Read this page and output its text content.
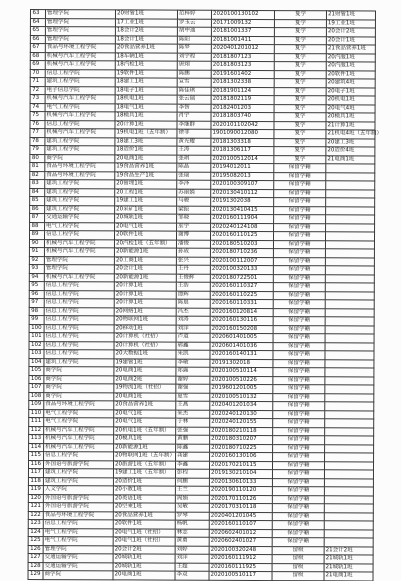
63	管理学院	20财管1班	范梓婷	2020100130102	复学	21财管1班
64	管理学院	17工业1班	罗玉云	20171009132	复学	19工业1班
65	管理学院	18会计2班	胡中迪	20181001337	复学	20会计2班
66	管理学院	18会计1班	陈阳	20181001411	复学	20会计1班
67	食品与环境工程学院	20食品营养1班	陈梦	2020401201012	复学	21食品营养1班
68	机械与汽车工程学院	18车辆1班	刘宇程	20181807123	复学	20汽服1班
69	机械与汽车工程学院	18汽检1班	唐翊	20181803123	复学	20汽服1班
70	信息工程学院	19软件1班	陈鹏	20191601402	复学	20软件1班
71	建筑工程学院	18建工1班	宣雪	20181302338	复学	20建筑4班
72	电子信息学院	18电子1班	陈佳琪	20181901124	复学	20电子1班
73	机械与汽车工程学院	18机电1班	张云瑞	20181802119	复学	20机电1班
74	电气工程学院	18电气1班	李智	20182401203	复学	20电气4班
75	机械与汽车工程学院	18模具1班	肖宇	20181803740	复学	20模具1班
76	信息工程学院	20计算1班	李继群	2020101102042	复学	21计算1班
77	机械与汽车工程学院	19机电1班（五年制）	徐菲	1901090012080	复学	21机电4班（五年制）
78	建筑工程学院	18建工3班	黄光耀	20181303318	复学	20建工3班
79	建筑工程学院	18造价1班	王涛	20181306117	复学	20造价4班
80	商学院	20电商1班	张琪	2020100512014	复学	21电商1班
81	食品与环境工程学院	19食品营养1班	陈晶	20194012011	保留学籍	
82	食品与环境工程学院	19食品生产1班	张瑞	20195082013	保留学籍	
83	建筑工程学院	20管理1班	李泽	2020100309107	保留学籍	
84	建筑工程学院	20工程1班	苏丽娟	2020130410112	保留学籍	
85	建筑工程学院	19建工1班	马骏	20191302038	保留学籍	
86	建筑工程学院	20采矿1班	梁振	2020130410415	保留学籍	
87	交通运输学院	20城轨1班	邹晓	2020160111904	保留学籍	
88	电气工程学院	20电气1班	巫宇	2020240124108	保留学籍	
89	信息工程学院	20软件1班	谢博	2020160110125	保留学籍	
90	机械与汽车工程学院	20汽检1班（五年制）	潘俊	2020180510203	保留学籍	
91	机械与汽车工程学院	20新能源1班	孙成	2020180710236	保留学籍	
92	管理学院	20工商1班	张兴	2020100112007	保留学籍	
93	管理学院	20会计1班	王丹	2020100320133	保留学籍	
94	机械与汽车工程学院	20新能源1班	王俊辉	2020180722501	保留学籍	
95	信息工程学院	20计算1班	王浩	2020160110327	保留学籍	
96	信息工程学院	20计算1班	谭辉	2020160110225	保留学籍	
97	信息工程学院	20计算1班	陈晨	2020160110331	保留学籍	
98	信息工程学院	20网络1班	冯杰	2020160120814	保留学籍	
99	信息工程学院	20物联网1班	刘涛	2020160130116	保留学籍	
100	信息工程学院	20移动1班	刘洋	2020160150208	保留学籍	
101	信息工程学院	20计算机（社招）	卢道	2020601401005	保留学籍	
102	信息工程学院	20计算机（社招）	郭鑫	2020601401036	保留学籍	
103	信息工程学院	20大数据1班	朱凯	2020160140131	保留学籍	
104	建筑工程学院	19建管1班	李敏	20191302018	保留学籍	
105	商学院	20电商1班	郑露	2020100510114	保留学籍	
106	商学院	20电商2班	谢婷	2020100510226	保留学籍	
107	商学院	19物流1班（社招）	谢强	2019601201005	保留学籍	
108	商学院	20电商1班	夏雪	2020100510132	保留学籍	
109	食品与环境工程学院	20食品营养1班	王燕	2020401201034	保留学籍	
110	电气工程学院	20电气1班	朱杰	2020240120130	保留学籍	
111	电气工程学院	20电气1班	于林	2020240120155	保留学籍	
112	机械与汽车工程学院	20机电1班（五年制）	张强	2020180210118	保留学籍	
113	机械与汽车工程学院	20模具1班	黄鹏	2020180310207	保留学籍	
114	机械与汽车工程学院	20新能源1班	陈鑫	2020180710225	保留学籍	
115	信息工程学院	20物联网1班（五年制）	龚建	2020160130106	保留学籍	
116	外国语与旅游学院	20旅游1班（五年制）	李鑫	2020170210115	保留学籍	
117	建筑工程学院	19建工1班（五年制）	彭程	2019130210104	保留学籍	
118	建筑工程学院	20造价1班	何鹏	2020130610133	保留学籍	
119	人文学院	20小教1班	王兰	2020190110120	保留学籍	
120	外国语与旅游学院	20英语1班	周娟	2020170110126	保留学籍	
121	外国语与旅游学院	20空乘1班	吴敏	2020170310118	保留学籍	
122	食品与环境工程学院	20食品营养1班	罗琴	2020401201045	保留学籍	
123	信息工程学院	20软件1班	杨帆	2020160110107	保留学籍	
124	电气工程学院	20电气1班（社招）	林志	2020602401012	保留学籍	
125	电气工程学院	20电气1班（社招）	黄勇	2020602401027	保留学籍	
126	管理学院	20会计2班	刘婷	2020100320248	留级	21会计2班
127	交通运输学院	20城轨1班	刘洋	2020160111912	留级	21城轨1班
128	交通运输学院	20城轨1班	王超	2020160111925	留级	21城轨1班
129	商学院	20电商1班	李双	2020100510117	留级	21电商1班
